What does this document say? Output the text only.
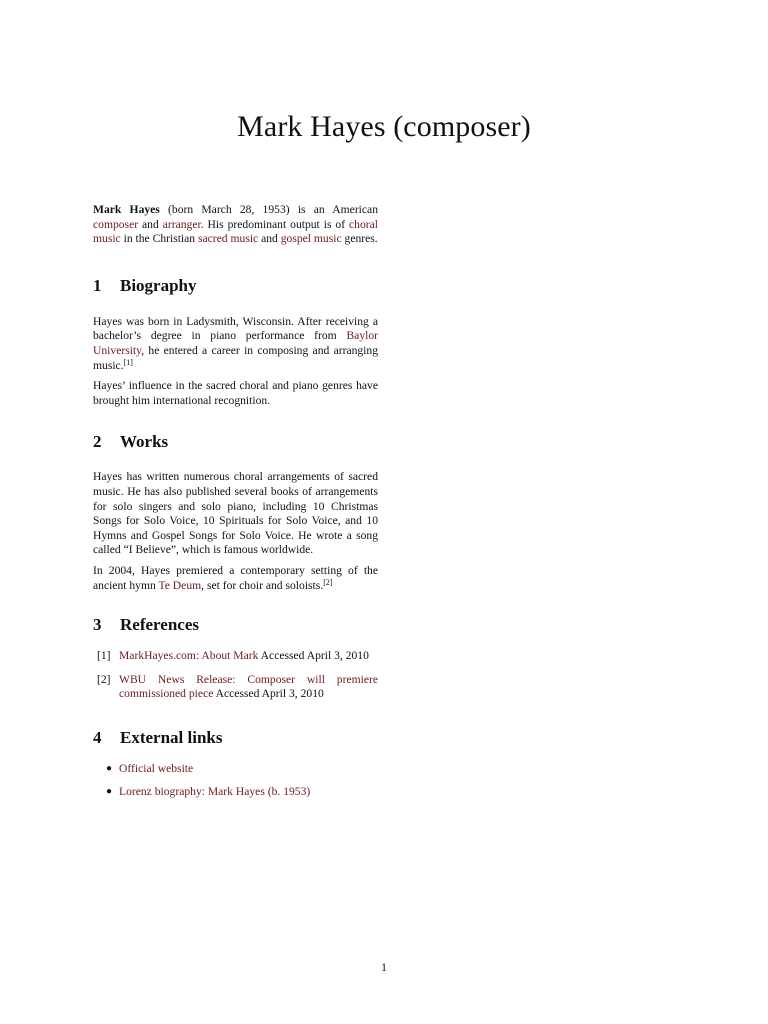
Mark Hayes (composer)

Mark Hayes (born March 28, 1953) is an American composer and arranger. His predominant output is of choral music in the Christian sacred music and gospel music genres.

1 Biography

Hayes was born in Ladysmith, Wisconsin. After receiving a bachelor’s degree in piano performance from Baylor University, he entered a career in composing and arranging music.[1]

Hayes’ influence in the sacred choral and piano genres have brought him international recognition.

2 Works

Hayes has written numerous choral arrangements of sacred music. He has also published several books of arrangements for solo singers and solo piano, including 10 Christmas Songs for Solo Voice, 10 Spirituals for Solo Voice, and 10 Hymns and Gospel Songs for Solo Voice. He wrote a song called “I Believe”, which is famous worldwide.

In 2004, Hayes premiered a contemporary setting of the ancient hymn Te Deum, set for choir and soloists.[2]

3 References
[1] MarkHayes.com: About Mark Accessed April 3, 2010
[2] WBU News Release: Composer will premiere commissioned piece Accessed April 3, 2010
4 External links
● Official website
● Lorenz biography: Mark Hayes (b. 1953)
1
